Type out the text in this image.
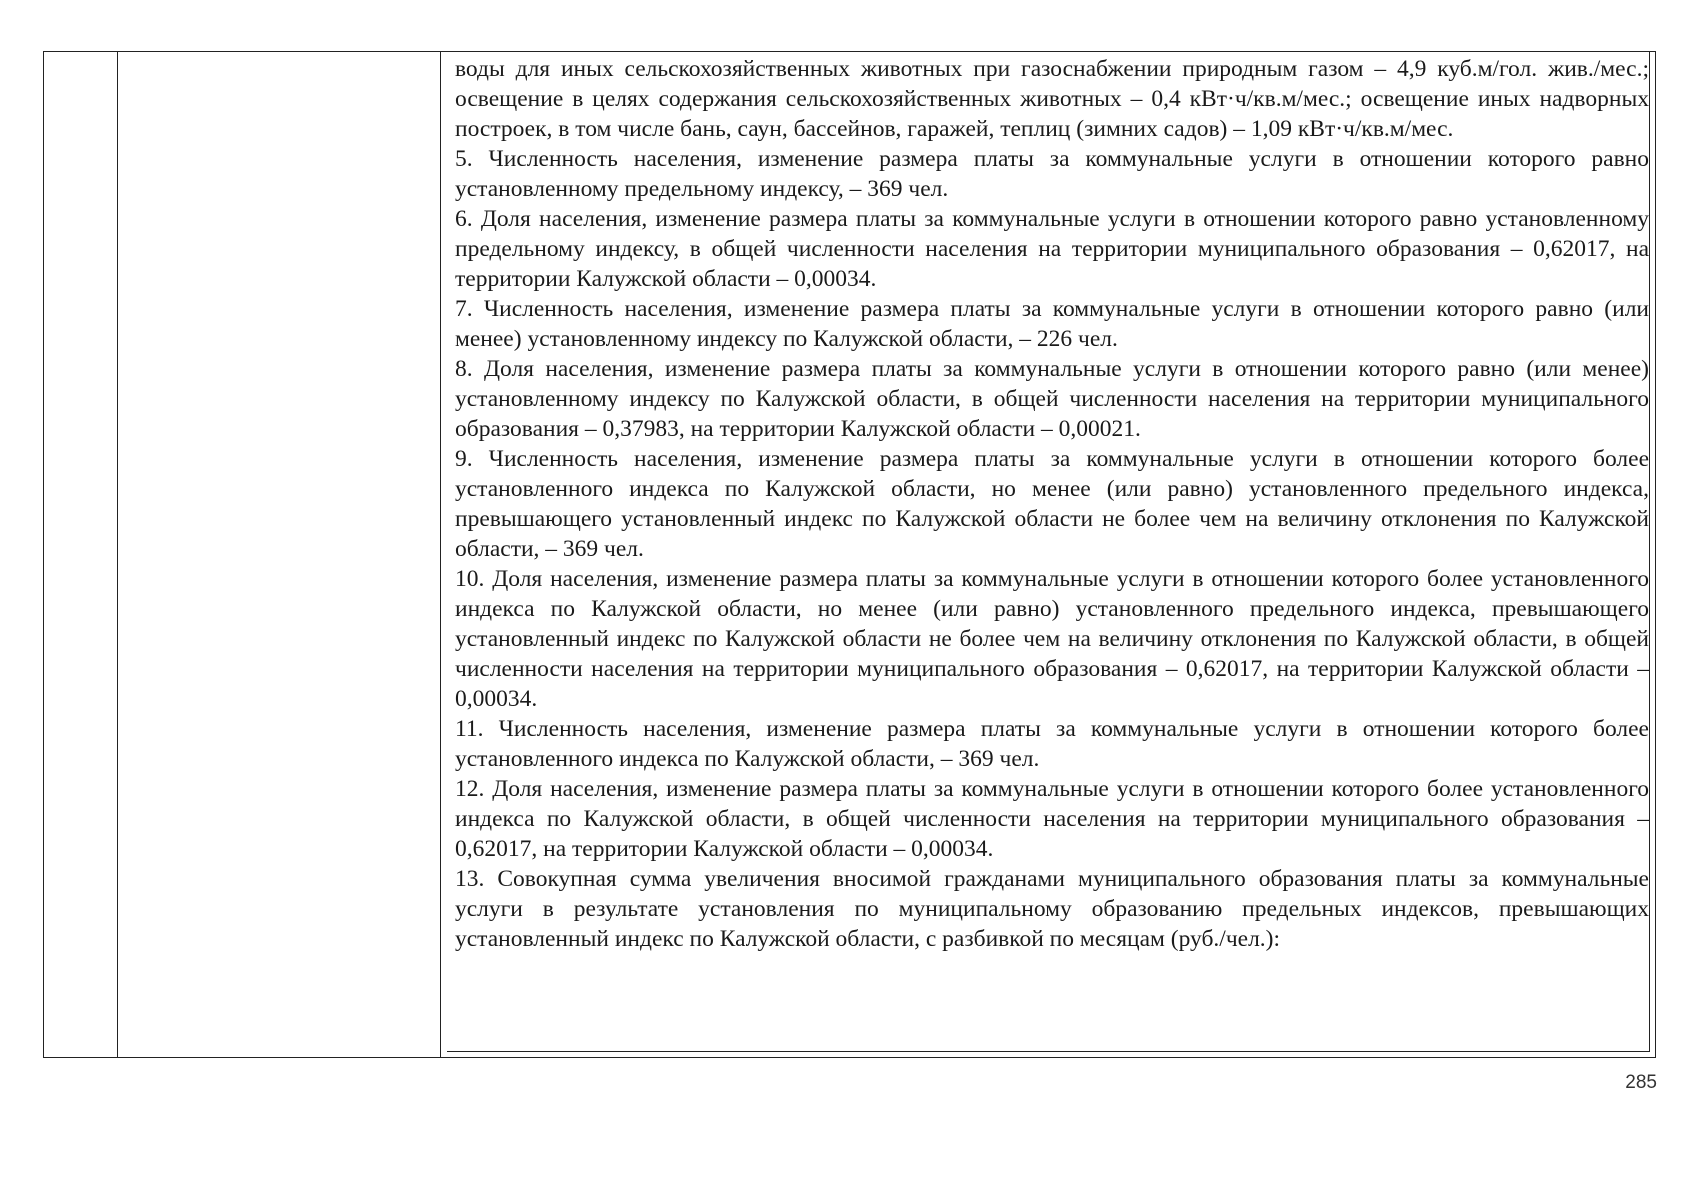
воды для иных сельскохозяйственных животных при газоснабжении природным газом – 4,9 куб.м/гол. жив./мес.; освещение в целях содержания сельскохозяйственных животных – 0,4 кВт·ч/кв.м/мес.; освещение иных надворных построек, в том числе бань, саун, бассейнов, гаражей, теплиц (зимних садов) – 1,09 кВт·ч/кв.м/мес.

5. Численность населения, изменение размера платы за коммунальные услуги в отношении которого равно установленному предельному индексу, – 369 чел.

6. Доля населения, изменение размера платы за коммунальные услуги в отношении которого равно установленному предельному индексу, в общей численности населения на территории муниципального образования – 0,62017, на территории Калужской области – 0,00034.

7. Численность населения, изменение размера платы за коммунальные услуги в отношении которого равно (или менее) установленному индексу по Калужской области, – 226 чел.

8. Доля населения, изменение размера платы за коммунальные услуги в отношении которого равно (или менее) установленному индексу по Калужской области, в общей численности населения на территории муниципального образования – 0,37983, на территории Калужской области – 0,00021.

9. Численность населения, изменение размера платы за коммунальные услуги в отношении которого более установленного индекса по Калужской области, но менее (или равно) установленного предельного индекса, превышающего установленный индекс по Калужской области не более чем на величину отклонения по Калужской области, – 369 чел.

10. Доля населения, изменение размера платы за коммунальные услуги в отношении которого более установленного индекса по Калужской области, но менее (или равно) установленного предельного индекса, превышающего установленный индекс по Калужской области не более чем на величину отклонения по Калужской области, в общей численности населения на территории муниципального образования – 0,62017, на территории Калужской области – 0,00034.

11. Численность населения, изменение размера платы за коммунальные услуги в отношении которого более установленного индекса по Калужской области, – 369 чел.

12. Доля населения, изменение размера платы за коммунальные услуги в отношении которого более установленного индекса по Калужской области, в общей численности населения на территории муниципального образования – 0,62017, на территории Калужской области – 0,00034.

13. Совокупная сумма увеличения вносимой гражданами муниципального образования платы за коммунальные услуги в результате установления по муниципальному образованию предельных индексов, превышающих установленный индекс по Калужской области, с разбивкой по месяцам (руб./чел.):

285
